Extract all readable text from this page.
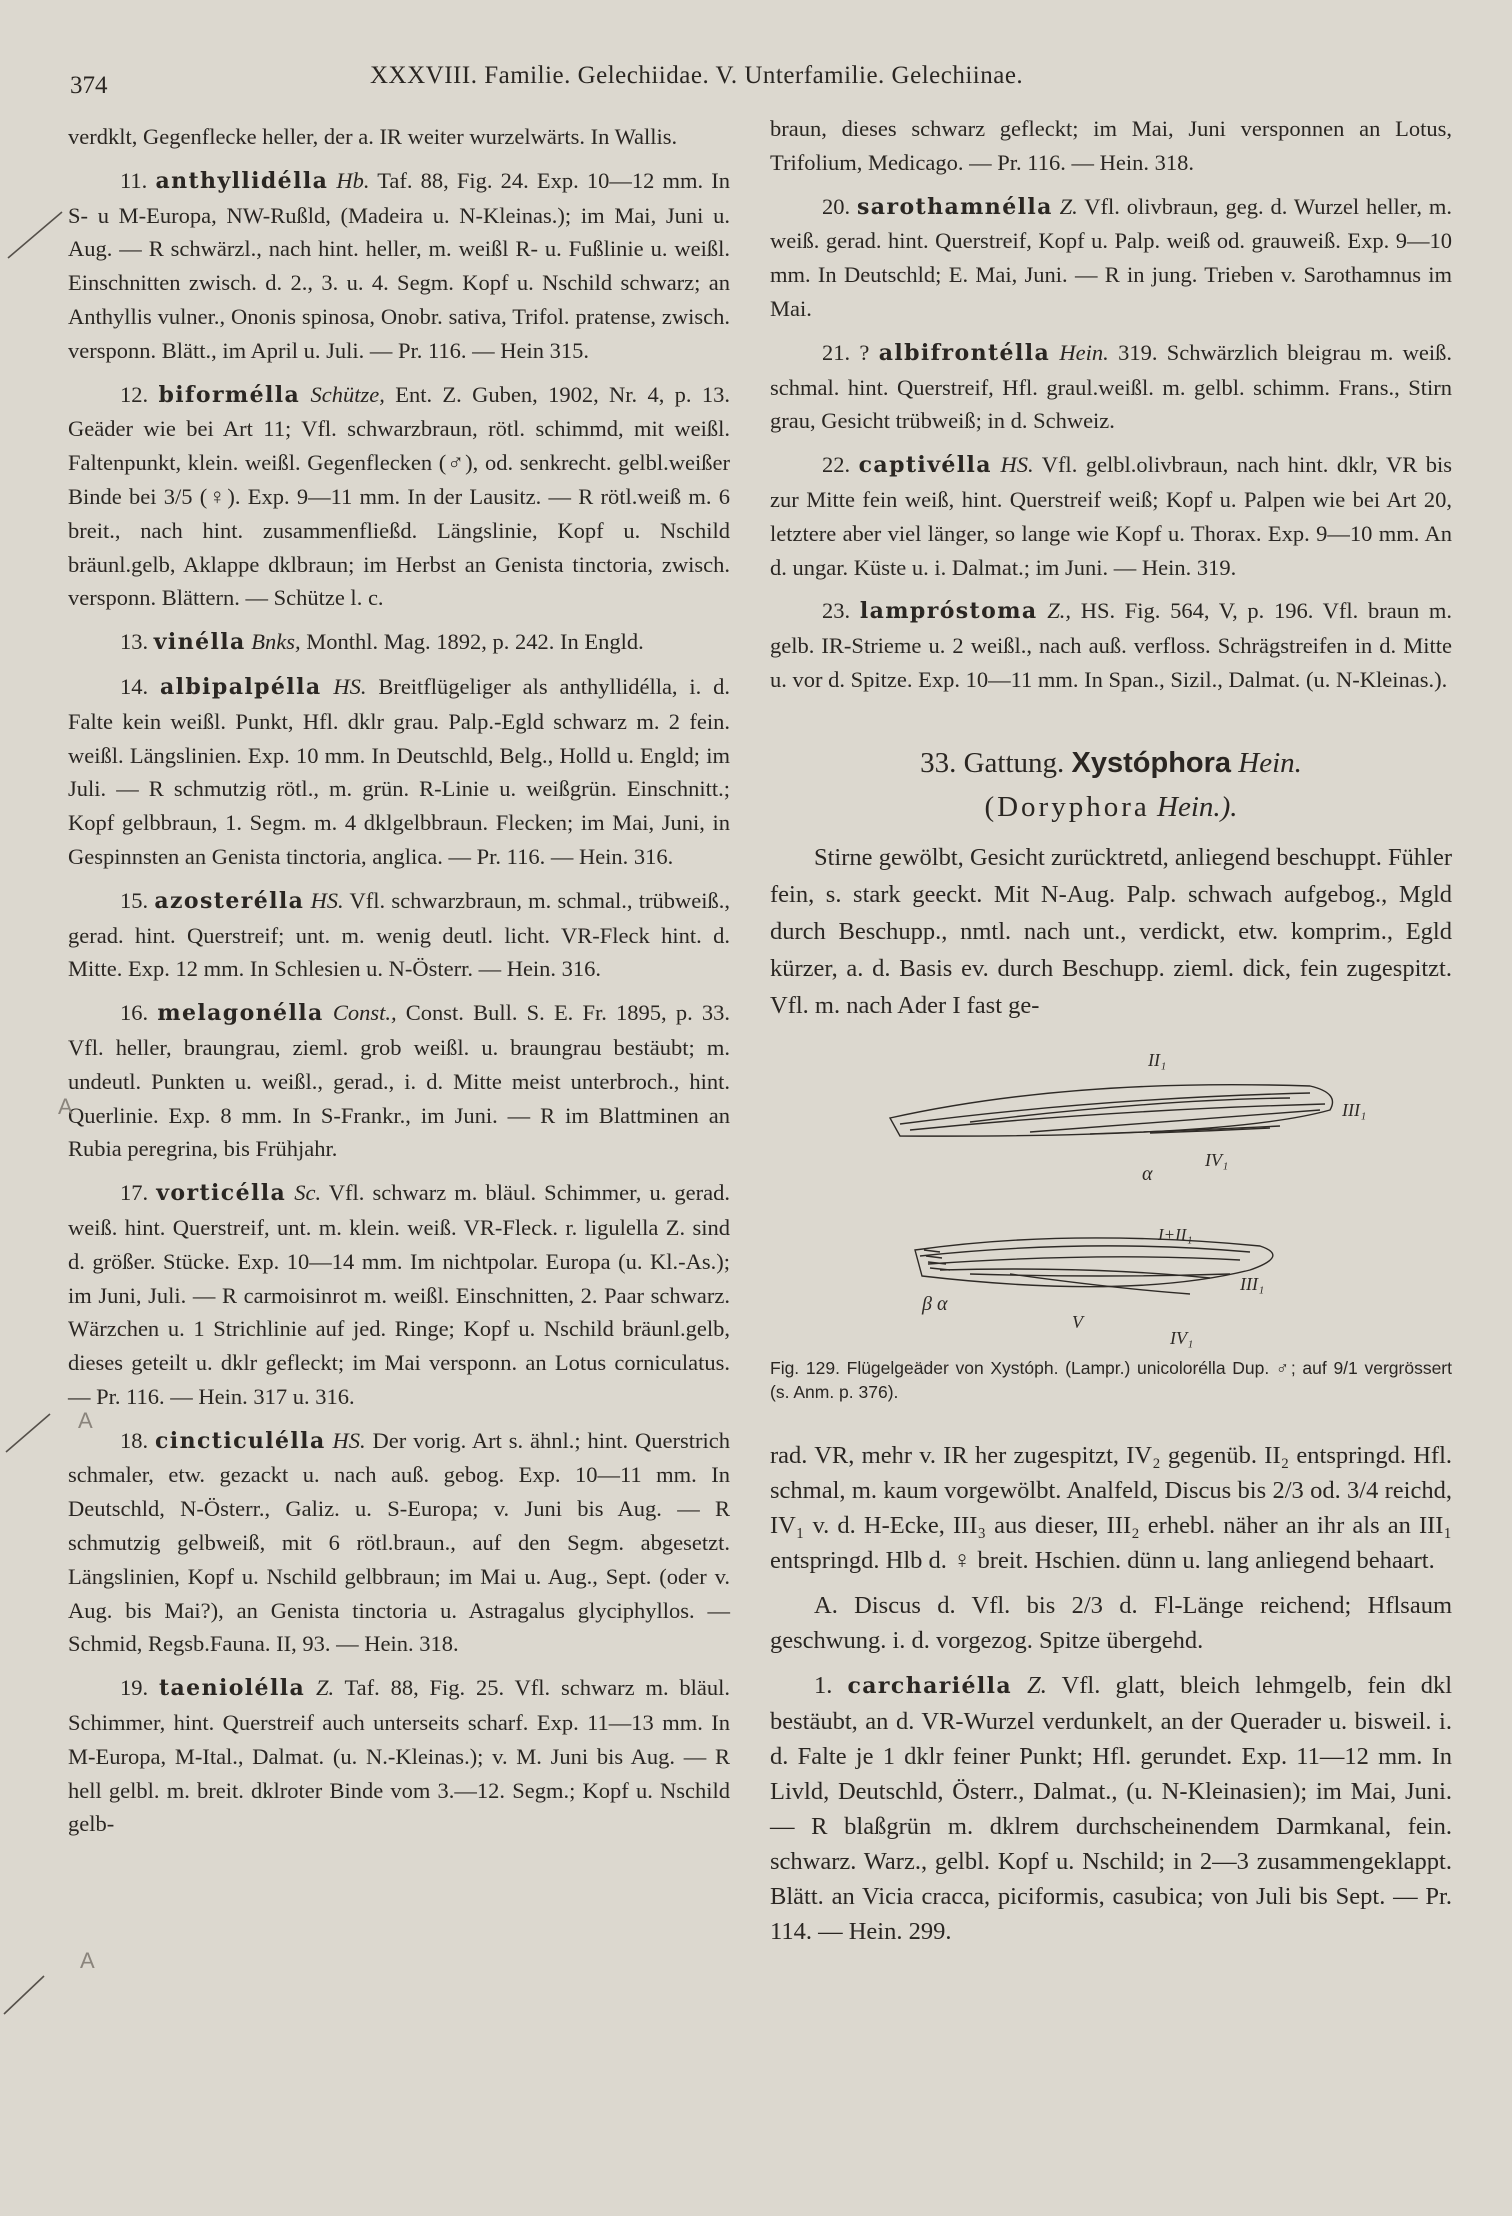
374	XXXVIII. Familie. Gelechiidae. V. Unterfamilie. Gelechiinae.

verdklt, Gegenflecke heller, der a. IR weiter wurzelwärts. In Wallis.

11. anthyllidélla Hb. Taf. 88, Fig. 24. Exp. 10—12 mm. In S- u M-Europa, NW-Rußld, (Madeira u. N-Kleinas.); im Mai, Juni u. Aug. — R schwärzl., nach hint. heller, m. weißl R- u. Fußlinie u. weißl. Einschnitten zwisch. d. 2., 3. u. 4. Segm. Kopf u. Nschild schwarz; an Anthyllis vulner., Ononis spinosa, Onobr. sativa, Trifol. pratense, zwisch. versponn. Blätt., im April u. Juli. — Pr. 116. — Hein 315.

12. biformélla Schütze, Ent. Z. Guben, 1902, Nr. 4, p. 13. Geäder wie bei Art 11; Vfl. schwarzbraun, rötl. schimmd, mit weißl. Faltenpunkt, klein. weißl. Gegenflecken (♂), od. senkrecht. gelbl.weißer Binde bei 3/5 (♀). Exp. 9—11 mm. In der Lausitz. — R rötl.weiß m. 6 breit., nach hint. zusammenfließd. Längslinie, Kopf u. Nschild bräunl.gelb, Aklappe dklbraun; im Herbst an Genista tinctoria, zwisch. versponn. Blättern. — Schütze l. c.

13. vinélla Bnks, Monthl. Mag. 1892, p. 242. In Engld.

14. albipalpélla HS. Breitflügeliger als anthyllidélla, i. d. Falte kein weißl. Punkt, Hfl. dklr grau. Palp.-Egld schwarz m. 2 fein. weißl. Längslinien. Exp. 10 mm. In Deutschld, Belg., Holld u. Engld; im Juli. — R schmutzig rötl., m. grün. R-Linie u. weißgrün. Einschnitt.; Kopf gelbbraun, 1. Segm. m. 4 dklgelbbraun. Flecken; im Mai, Juni, in Gespinnsten an Genista tinctoria, anglica. — Pr. 116. — Hein. 316.

15. azosterélla HS. Vfl. schwarzbraun, m. schmal., trübweiß., gerad. hint. Querstreif; unt. m. wenig deutl. licht. VR-Fleck hint. d. Mitte. Exp. 12 mm. In Schlesien u. N-Österr. — Hein. 316.

16. melagonélla Const., Const. Bull. S. E. Fr. 1895, p. 33. Vfl. heller, braungrau, zieml. grob weißl. u. braungrau bestäubt; m. undeutl. Punkten u. weißl., gerad., i. d. Mitte meist unterbroch., hint. Querlinie. Exp. 8 mm. In S-Frankr., im Juni. — R im Blattminen an Rubia peregrina, bis Frühjahr.

17. vorticélla Sc. Vfl. schwarz m. bläul. Schimmer, u. gerad. weiß. hint. Querstreif, unt. m. klein. weiß. VR-Fleck. r. ligulella Z. sind d. größer. Stücke. Exp. 10—14 mm. Im nichtpolar. Europa (u. Kl.-As.); im Juni, Juli. — R carmoisinrot m. weißl. Einschnitten, 2. Paar schwarz. Wärzchen u. 1 Strichlinie auf jed. Ringe; Kopf u. Nschild bräunl.gelb, dieses geteilt u. dklr gefleckt; im Mai versponn. an Lotus corniculatus. — Pr. 116. — Hein. 317 u. 316.

18. cincticulélla HS. Der vorig. Art s. ähnl.; hint. Querstrich schmaler, etw. gezackt u. nach auß. gebog. Exp. 10—11 mm. In Deutschld, N-Österr., Galiz. u. S-Europa; v. Juni bis Aug. — R schmutzig gelbweiß, mit 6 rötl.braun., auf den Segm. abgesetzt. Längslinien, Kopf u. Nschild gelbbraun; im Mai u. Aug., Sept. (oder v. Aug. bis Mai?), an Genista tinctoria u. Astragalus glyciphyllos. — Schmid, Regsb.Fauna. II, 93. — Hein. 318.

19. taeniolélla Z. Taf. 88, Fig. 25. Vfl. schwarz m. bläul. Schimmer, hint. Querstreif auch unterseits scharf. Exp. 11—13 mm. In M-Europa, M-Ital., Dalmat. (u. N.-Kleinas.); v. M. Juni bis Aug. — R hell gelbl. m. breit. dklroter Binde vom 3.—12. Segm.; Kopf u. Nschild gelb-

A
A
A

braun, dieses schwarz gefleckt; im Mai, Juni versponnen an Lotus, Trifolium, Medicago. — Pr. 116. — Hein. 318.

20. sarothamnélla Z. Vfl. olivbraun, geg. d. Wurzel heller, m. weiß. gerad. hint. Querstreif, Kopf u. Palp. weiß od. grauweiß. Exp. 9—10 mm. In Deutschld; E. Mai, Juni. — R in jung. Trieben v. Sarothamnus im Mai.

21. ? albifrontélla Hein. 319. Schwärzlich bleigrau m. weiß. schmal. hint. Querstreif, Hfl. graul.weißl. m. gelbl. schimm. Frans., Stirn grau, Gesicht trübweiß; in d. Schweiz.

22. captivélla HS. Vfl. gelbl.olivbraun, nach hint. dklr, VR bis zur Mitte fein weiß, hint. Querstreif weiß; Kopf u. Palpen wie bei Art 20, letztere aber viel länger, so lange wie Kopf u. Thorax. Exp. 9—10 mm. An d. ungar. Küste u. i. Dalmat.; im Juni. — Hein. 319.

23. lampróstoma Z., HS. Fig. 564, V, p. 196. Vfl. braun m. gelb. IR-Strieme u. 2 weißl., nach auß. verfloss. Schrägstreifen in d. Mitte u. vor d. Spitze. Exp. 10—11 mm. In Span., Sizil., Dalmat. (u. N-Kleinas.).

33. Gattung. Xystóphora Hein.
(Doryphora Hein.).

Stirne gewölbt, Gesicht zurücktretd, anliegend beschuppt. Fühler fein, s. stark geeckt. Mit N-Aug. Palp. schwach aufgebog., Mgld durch Beschupp., nmtl. nach unt., verdickt, etw. komprim., Egld kürzer, a. d. Basis ev. durch Beschupp. zieml. dick, fein zugespitzt. Vfl. m. nach Ader I fast ge-

II₁
III₁
IV₁
α
I+II₁
III₁
β α
V
IV₁
Fig. 129. Flügelgeäder von Xystóph. (Lampr.) unicolorélla Dup. ♂; auf 9/1 vergrössert (s. Anm. p. 376).

rad. VR, mehr v. IR her zugespitzt, IV₂ gegenüb. II₂ entspringd. Hfl. schmal, m. kaum vorgewölbt. Analfeld, Discus bis 2/3 od. 3/4 reichd, IV₁ v. d. H-Ecke, III₃ aus dieser, III₂ erhebl. näher an ihr als an III₁ entspringd. Hlb d. ♀ breit. Hschien. dünn u. lang anliegend behaart.

A. Discus d. Vfl. bis 2/3 d. Fl-Länge reichend; Hflsaum geschwung. i. d. vorgezog. Spitze übergehd.

1. carchariélla Z. Vfl. glatt, bleich lehmgelb, fein dkl bestäubt, an d. VR-Wurzel verdunkelt, an der Querader u. bisweil. i. d. Falte je 1 dklr feiner Punkt; Hfl. gerundet. Exp. 11—12 mm. In Livld, Deutschld, Österr., Dalmat., (u. N-Kleinasien); im Mai, Juni. — R blaßgrün m. dklrem durchscheinendem Darmkanal, fein. schwarz. Warz., gelbl. Kopf u. Nschild; in 2—3 zusammengeklappt. Blätt. an Vicia cracca, piciformis, casubica; von Juli bis Sept. — Pr. 114. — Hein. 299.
